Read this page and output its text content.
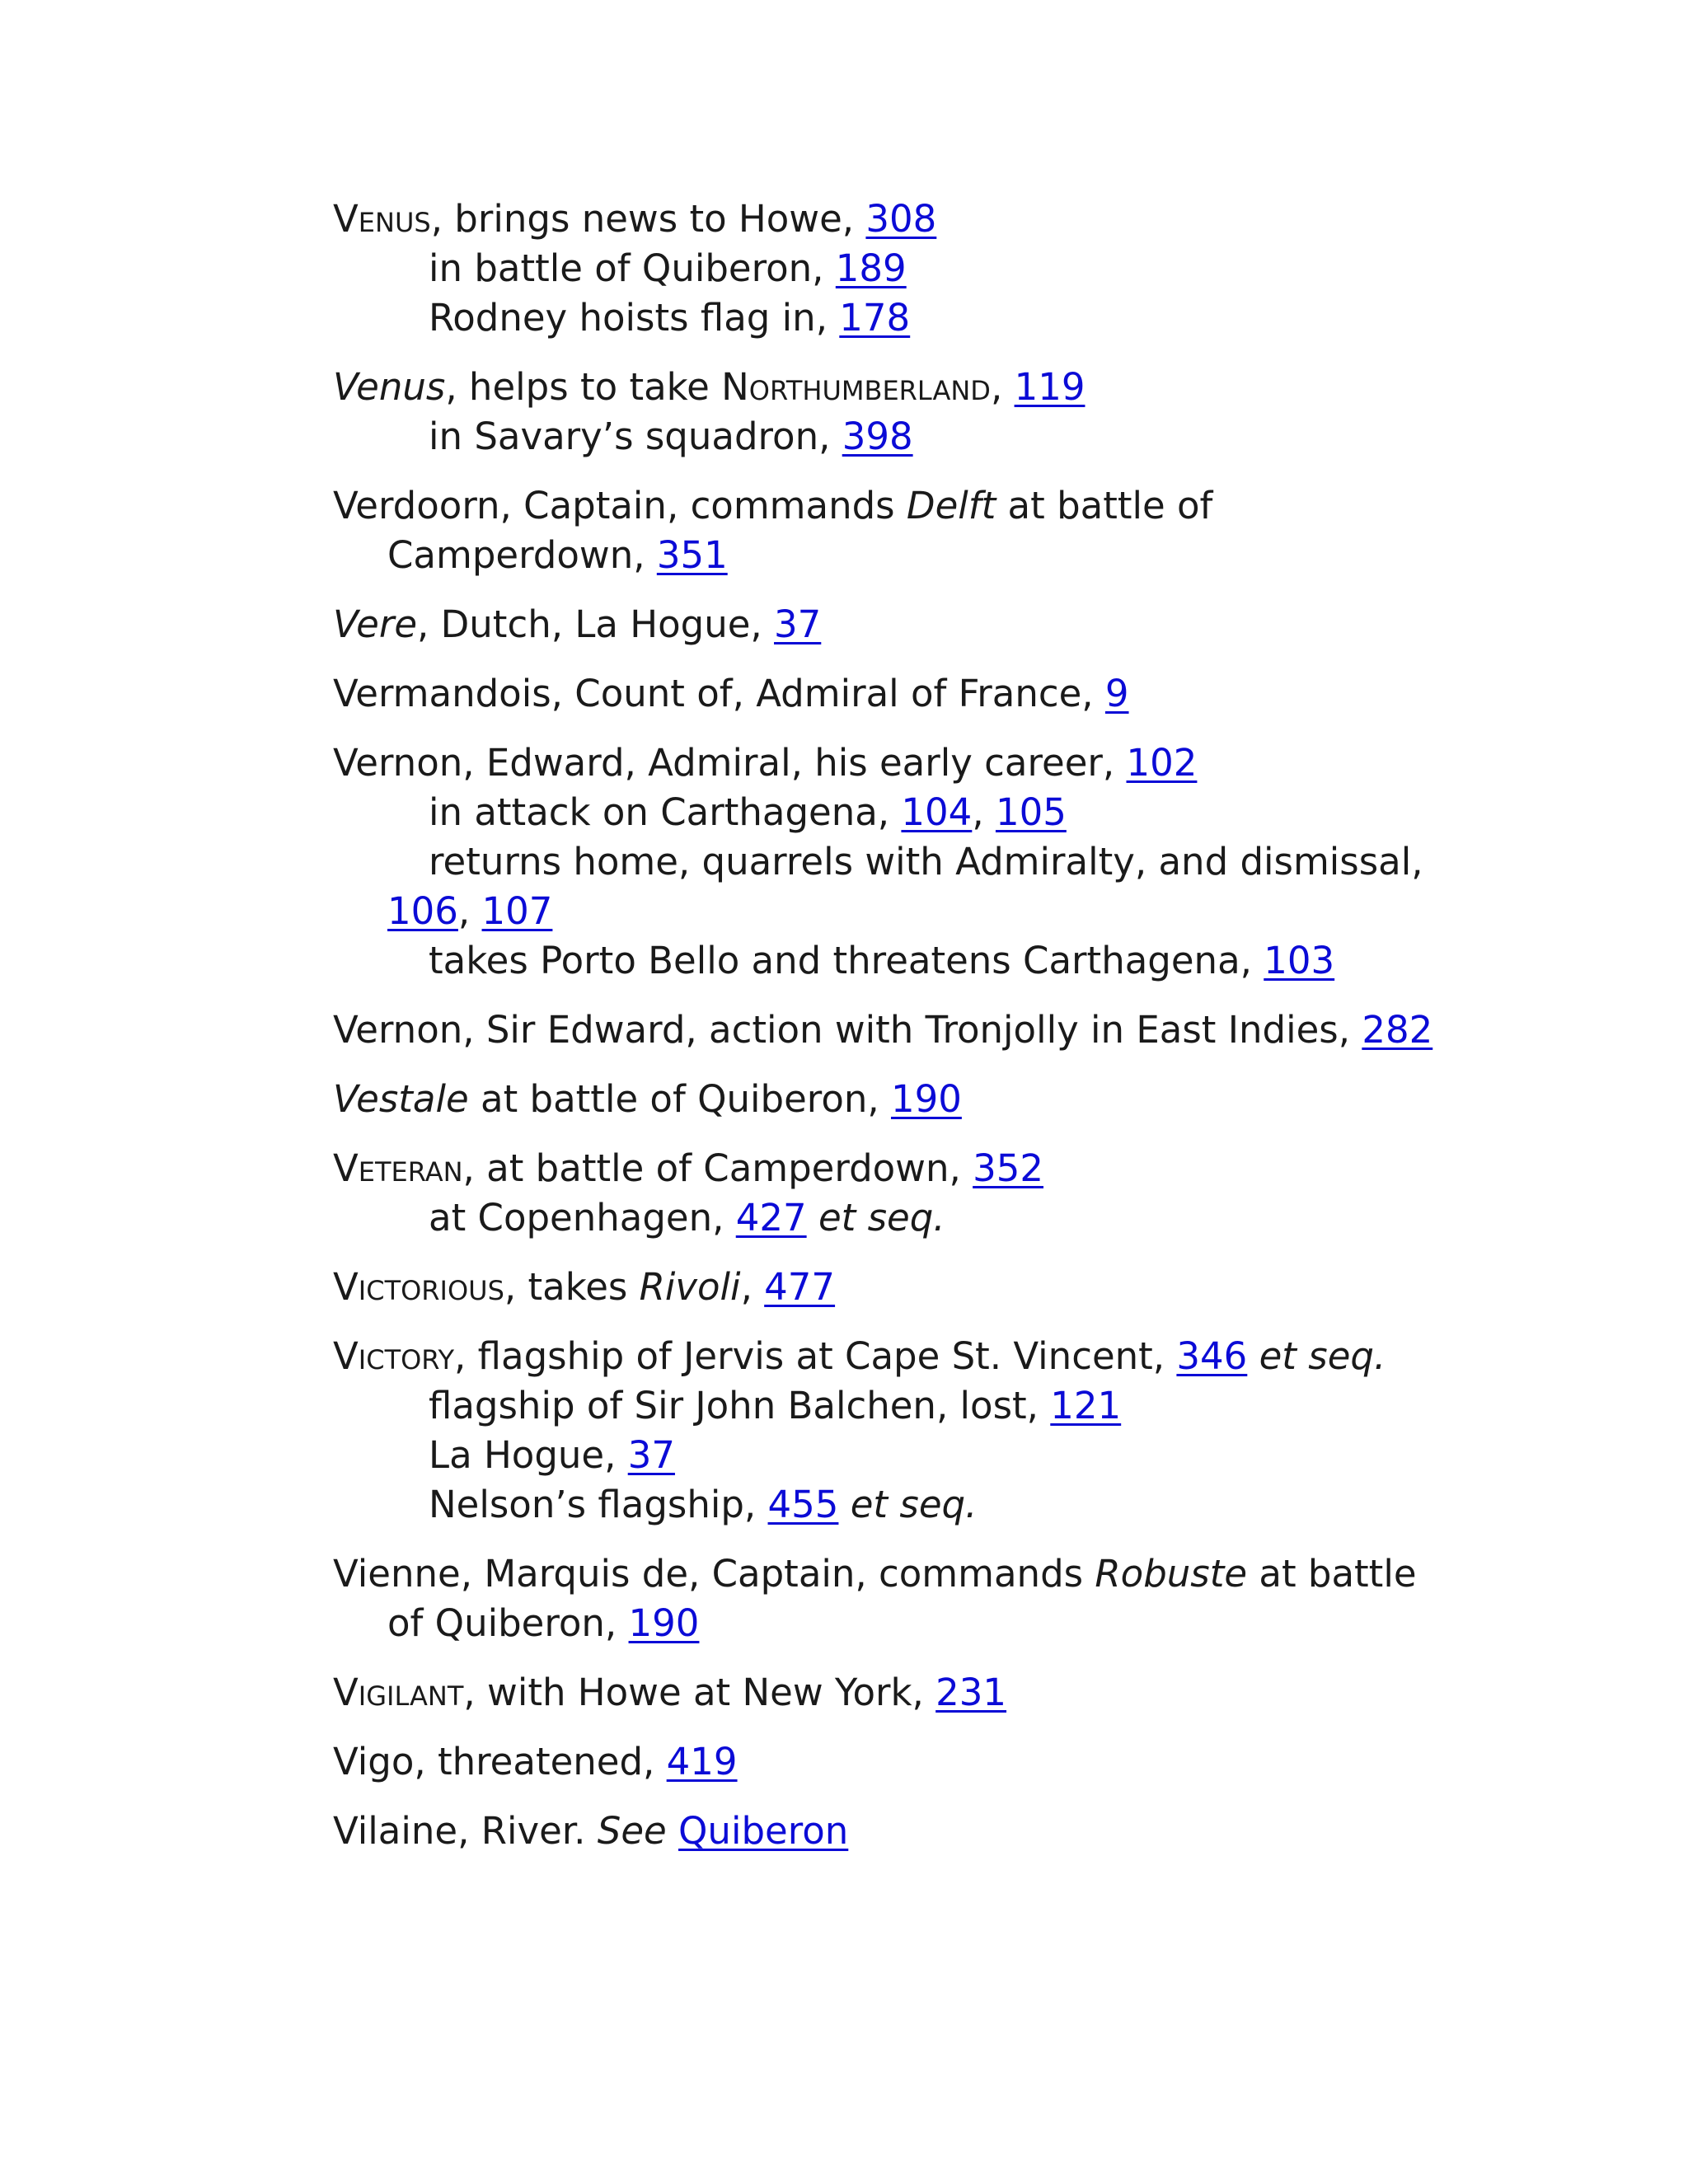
Venus, brings news to Howe, 308
in battle of Quiberon, 189
Rodney hoists flag in, 178
Venus, helps to take Northumberland, 119
in Savary’s squadron, 398
Verdoorn, Captain, commands Delft at battle of
Camperdown, 351
Vere, Dutch, La Hogue, 37
Vermandois, Count of, Admiral of France, 9
Vernon, Edward, Admiral, his early career, 102
in attack on Carthagena, 104, 105
returns home, quarrels with Admiralty, and dismissal,
106, 107
takes Porto Bello and threatens Carthagena, 103
Vernon, Sir Edward, action with Tronjolly in East Indies, 282
Vestale at battle of Quiberon, 190
Veteran, at battle of Camperdown, 352
at Copenhagen, 427 et seq.
Victorious, takes Rivoli, 477
Victory, flagship of Jervis at Cape St. Vincent, 346 et seq.
flagship of Sir John Balchen, lost, 121
La Hogue, 37
Nelson’s flagship, 455 et seq.
Vienne, Marquis de, Captain, commands Robuste at battle
of Quiberon, 190
Vigilant, with Howe at New York, 231
Vigo, threatened, 419
Vilaine, River. See Quiberon
